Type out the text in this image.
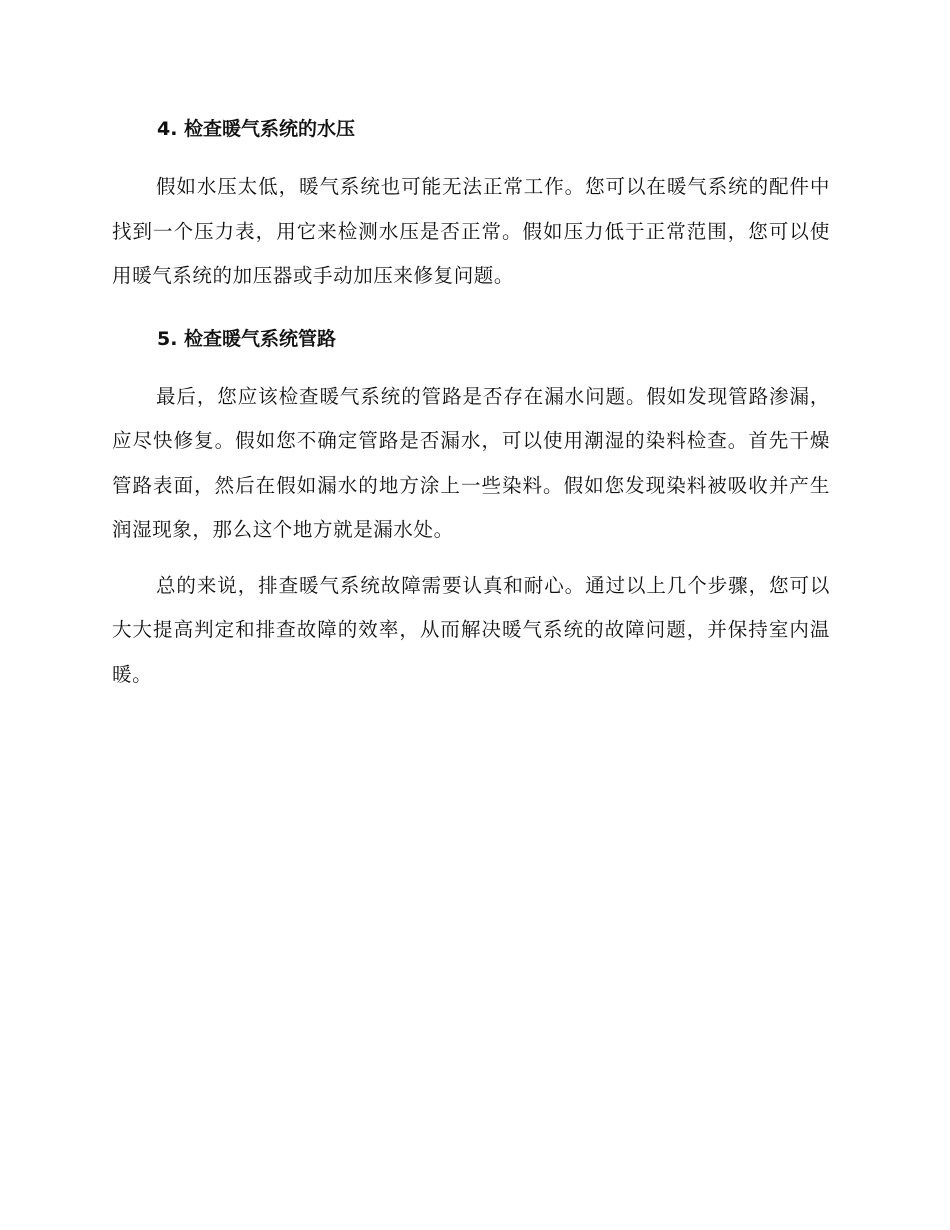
4. 检查暖气系统的水压

假如水压太低，暖气系统也可能无法正常工作。您可以在暖气系统的配件中找到一个压力表，用它来检测水压是否正常。假如压力低于正常范围，您可以使用暖气系统的加压器或手动加压来修复问题。

5. 检查暖气系统管路

最后，您应该检查暖气系统的管路是否存在漏水问题。假如发现管路渗漏，应尽快修复。假如您不确定管路是否漏水，可以使用潮湿的染料检查。首先干燥管路表面，然后在假如漏水的地方涂上一些染料。假如您发现染料被吸收并产生润湿现象，那么这个地方就是漏水处。

总的来说，排查暖气系统故障需要认真和耐心。通过以上几个步骤，您可以大大提高判定和排查故障的效率，从而解决暖气系统的故障问题，并保持室内温暖。
